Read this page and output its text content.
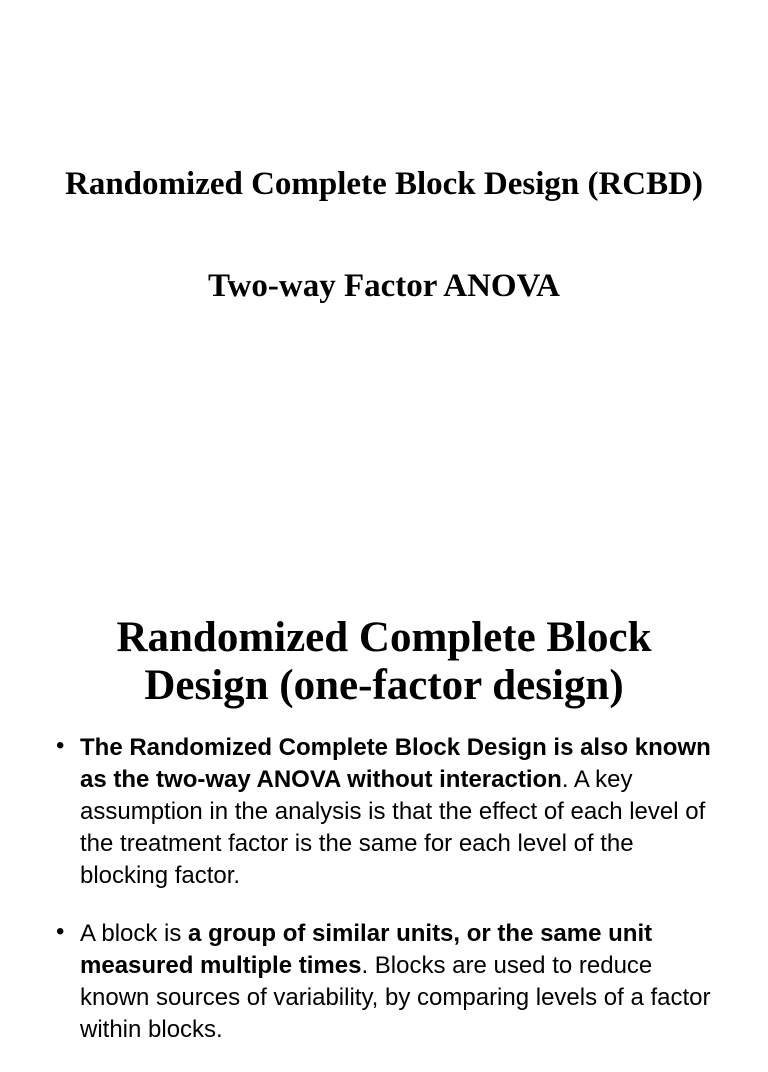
Randomized Complete Block Design (RCBD)
Two-way Factor ANOVA
Randomized Complete Block
Design (one-factor design)
• The Randomized Complete Block Design is also known as the two-way ANOVA without interaction. A key assumption in the analysis is that the effect of each level of the treatment factor is the same for each level of the blocking factor.
• A block is a group of similar units, or the same unit measured multiple times. Blocks are used to reduce known sources of variability, by comparing levels of a factor within blocks.
